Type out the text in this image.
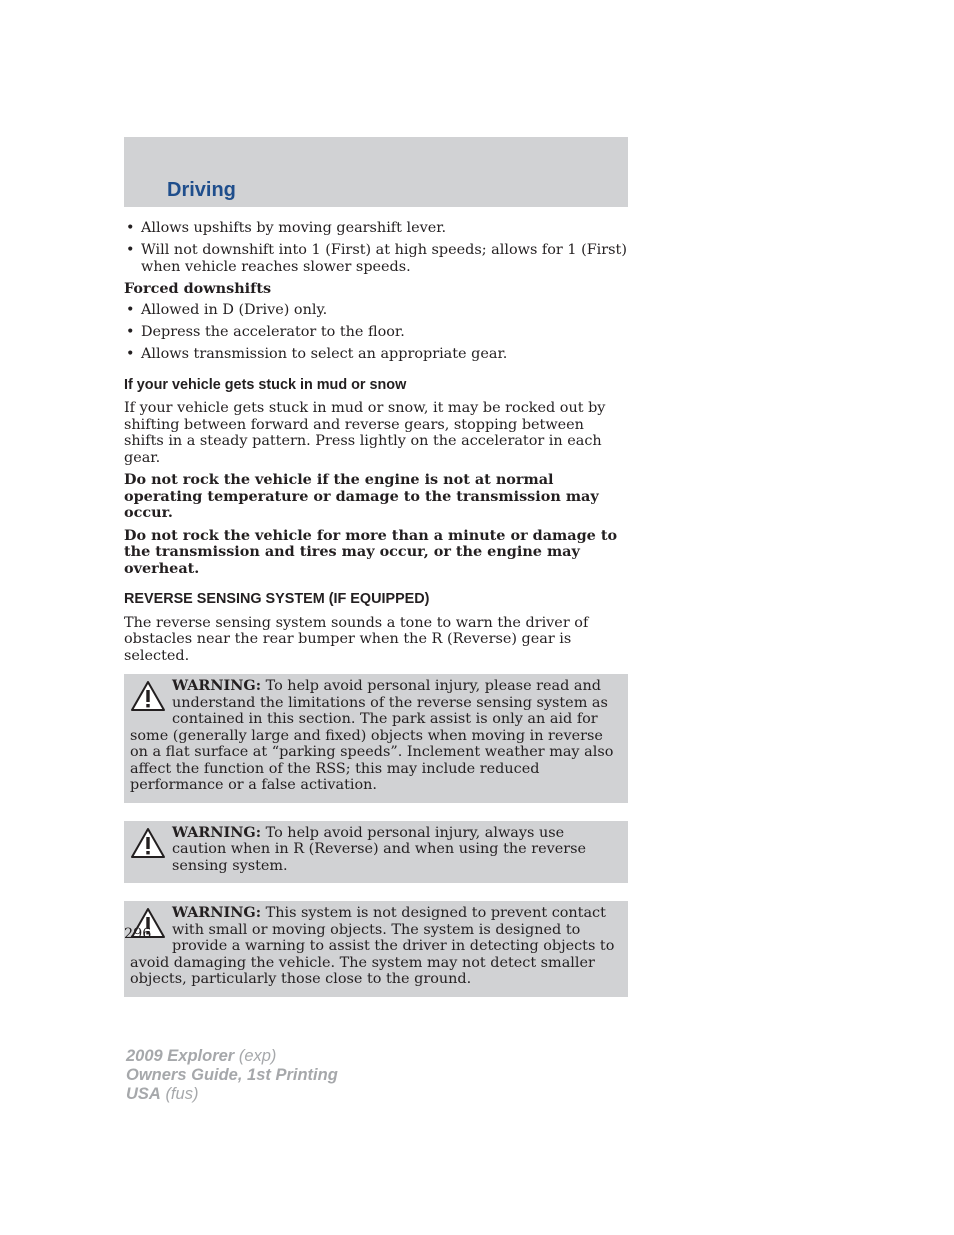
Driving
• Allows upshifts by moving gearshift lever.
• Will not downshift into 1 (First) at high speeds; allows for 1 (First) when vehicle reaches slower speeds.
Forced downshifts
• Allowed in D (Drive) only.
• Depress the accelerator to the floor.
• Allows transmission to select an appropriate gear.
If your vehicle gets stuck in mud or snow

If your vehicle gets stuck in mud or snow, it may be rocked out by shifting between forward and reverse gears, stopping between shifts in a steady pattern. Press lightly on the accelerator in each gear.

Do not rock the vehicle if the engine is not at normal operating temperature or damage to the transmission may occur.

Do not rock the vehicle for more than a minute or damage to the transmission and tires may occur, or the engine may overheat.

REVERSE SENSING SYSTEM (IF EQUIPPED)

The reverse sensing system sounds a tone to warn the driver of obstacles near the rear bumper when the R (Reverse) gear is selected.

WARNING: To help avoid personal injury, please read and understand the limitations of the reverse sensing system as contained in this section. The park assist is only an aid for some (generally large and fixed) objects when moving in reverse on a flat surface at “parking speeds”. Inclement weather may also affect the function of the RSS; this may include reduced performance or a false activation.
WARNING: To help avoid personal injury, always use caution when in R (Reverse) and when using the reverse sensing system.
WARNING: This system is not designed to prevent contact with small or moving objects. The system is designed to provide a warning to assist the driver in detecting objects to avoid damaging the vehicle. The system may not detect smaller objects, particularly those close to the ground.
296
2009 Explorer (exp)
Owners Guide, 1st Printing
USA (fus)
